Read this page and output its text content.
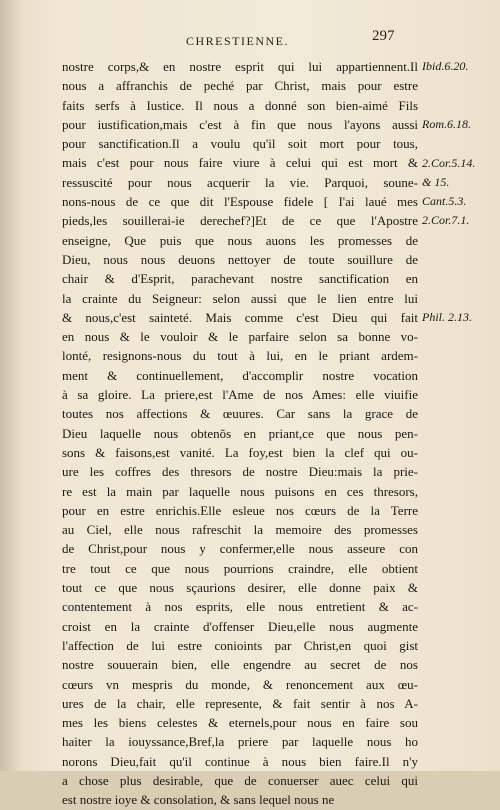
CHRESTIENNE.	297
nostre corps,& en nostre esprit qui lui appartiennent.Il
nous a affranchis de peché par Christ, mais pour estre
faits serfs à Iustice. Il nous a donné son bien-aimé Fils
pour iustification,mais c'est à fin que nous l'ayons aussi
pour sanctification.Il a voulu qu'il soit mort pour tous,
mais c'est pour nous faire viure à celui qui est mort &
ressuscité pour nous acquerir la vie. Parquoi, soune-
nons-nous de ce que dit l'Espouse fidele [ I'ai laué mes
pieds,les souillerai-ie derechef?]Et de ce que l'Apostre
enseigne, Que puis que nous auons les promesses de
Dieu, nous nous deuons nettoyer de toute souillure de
chair & d'Esprit, parachevant nostre sanctification en
la crainte du Seigneur: selon aussi que le lien entre lui
& nous,c'est sainteté. Mais comme c'est Dieu qui fait
en nous & le vouloir & le parfaire selon sa bonne vo-
lonté, resignons-nous du tout à lui, en le priant ardem-
ment & continuellement, d'accomplir nostre vocation
à sa gloire. La priere,est l'Ame de nos Ames: elle viuifie
toutes nos affections & œuures. Car sans la grace de
Dieu laquelle nous obtenõs en priant,ce que nous pen-
sons & faisons,est vanité. La foy,est bien la clef qui ou-
ure les coffres des thresors de nostre Dieu:mais la prie-
re est la main par laquelle nous puisons en ces thresors,
pour en estre enrichis.Elle esleue nos cœurs de la Terre
au Ciel, elle nous rafreschit la memoire des promesses
de Christ,pour nous y confermer,elle nous asseure con
tre tout ce que nous pourrions craindre, elle obtient
tout ce que nous sçaurions desirer, elle donne paix &
contentement à nos esprits, elle nous entretient & ac-
croist en la crainte d'offenser Dieu,elle nous augmente
l'affection de lui estre conioints par Christ,en quoi gist
nostre souuerain bien, elle engendre au secret de nos
cœurs vn mespris du monde, & renoncement aux œu-
ures de la chair, elle represente, & fait sentir à nos A-
mes les biens celestes & eternels,pour nous en faire sou
haiter la iouyssance,Bref,la priere par laquelle nous ho
norons Dieu,fait qu'il continue à nous bien faire.Il n'y
a chose plus desirable, que de conuerser auec celui qui
est nostre ioye & consolation, & sans lequel nous ne
Ibid.6.20.
Rom.6.18.
2.Cor.5.14.
& 15.
Cant.5.3.
2.Cor.7.1.
Phil. 2.13.
